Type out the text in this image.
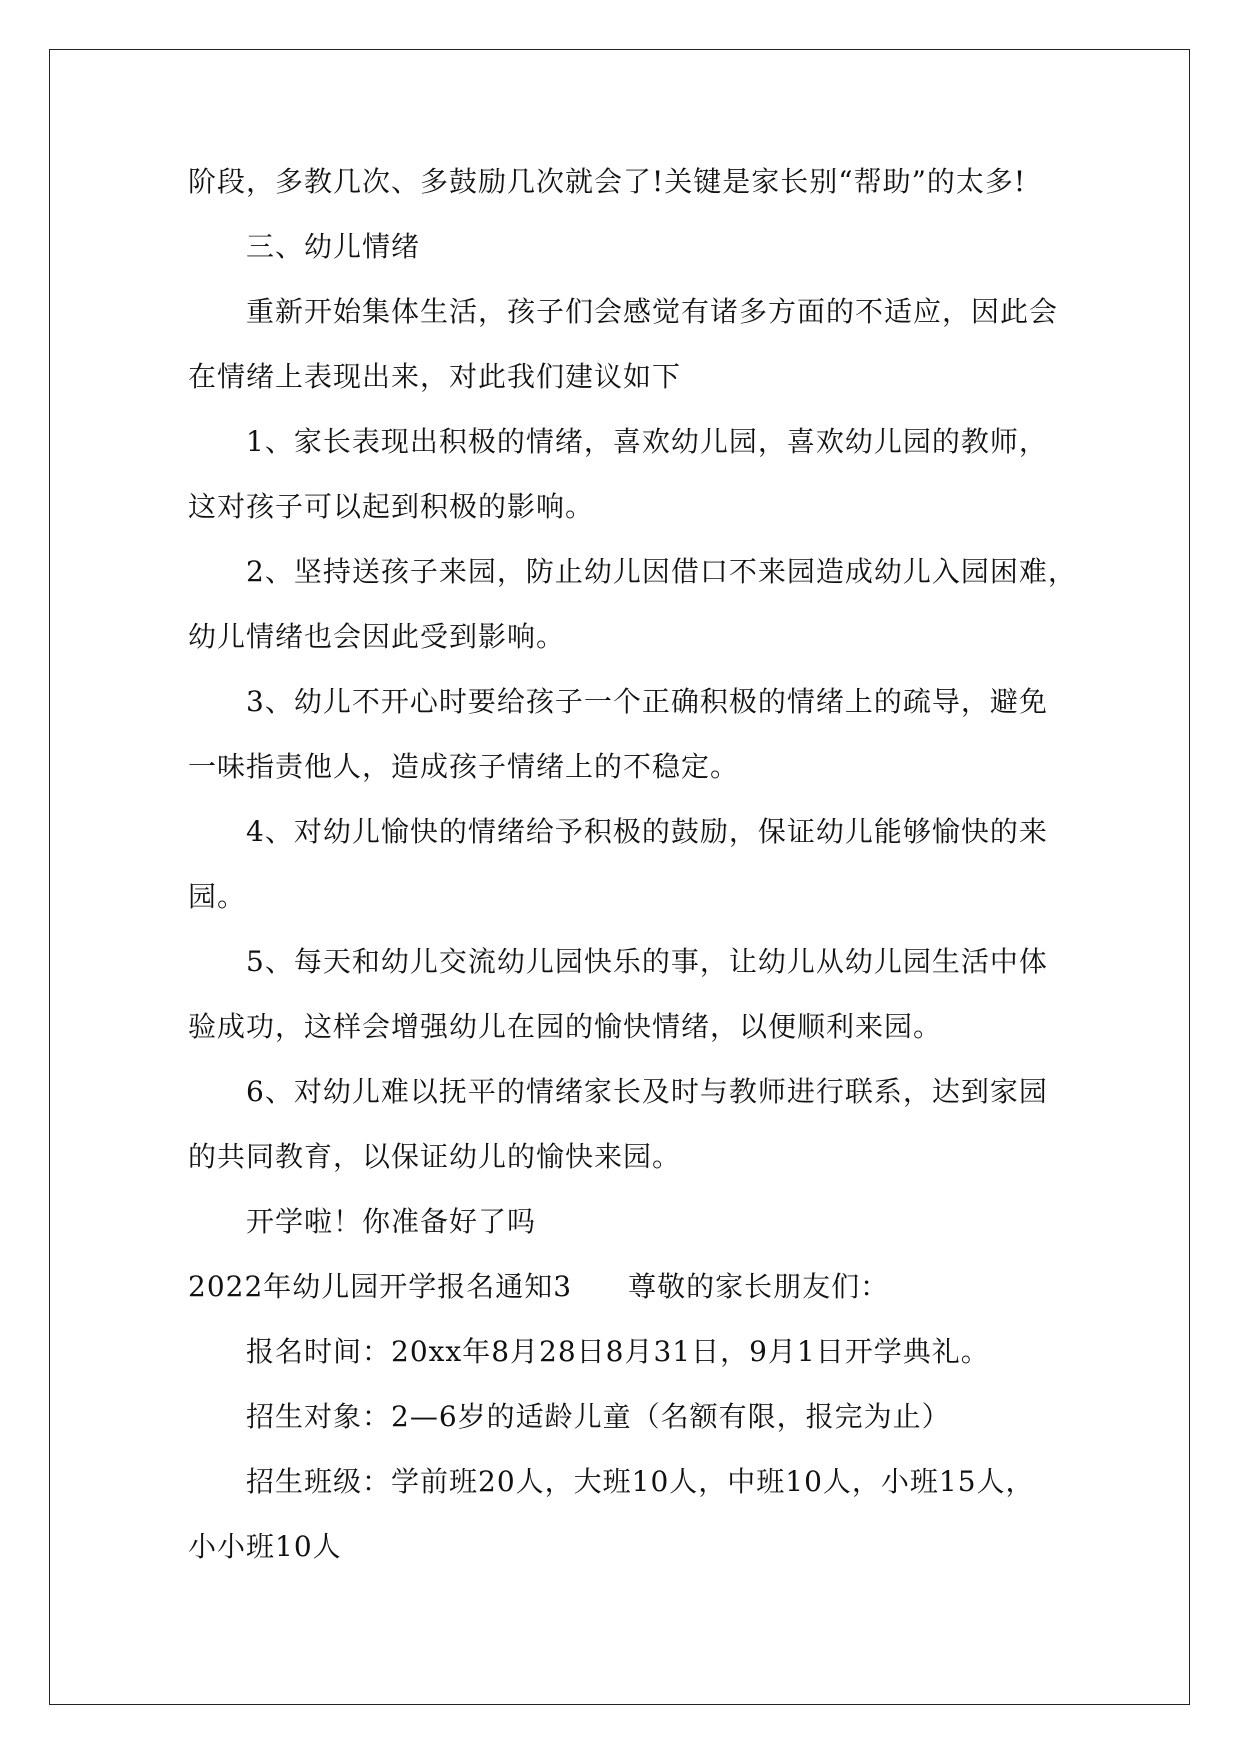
阶段，多教几次、多鼓励几次就会了!关键是家长别“帮助”的太多!
三、幼儿情绪
重新开始集体生活，孩子们会感觉有诸多方面的不适应，因此会
在情绪上表现出来，对此我们建议如下
1、家长表现出积极的情绪，喜欢幼儿园，喜欢幼儿园的教师，
这对孩子可以起到积极的影响。
2、坚持送孩子来园，防止幼儿因借口不来园造成幼儿入园困难，
幼儿情绪也会因此受到影响。
3、幼儿不开心时要给孩子一个正确积极的情绪上的疏导，避免
一味指责他人，造成孩子情绪上的不稳定。
4、对幼儿愉快的情绪给予积极的鼓励，保证幼儿能够愉快的来
园。
5、每天和幼儿交流幼儿园快乐的事，让幼儿从幼儿园生活中体
验成功，这样会增强幼儿在园的愉快情绪，以便顺利来园。
6、对幼儿难以抚平的情绪家长及时与教师进行联系，达到家园
的共同教育，以保证幼儿的愉快来园。
开学啦！你准备好了吗
2022年幼儿园开学报名通知3 尊敬的家长朋友们：
报名时间：20xx年8月28日8月31日，9月1日开学典礼。
招生对象：2—6岁的适龄儿童（名额有限，报完为止）
招生班级：学前班20人，大班10人，中班10人，小班15人，
小小班10人
